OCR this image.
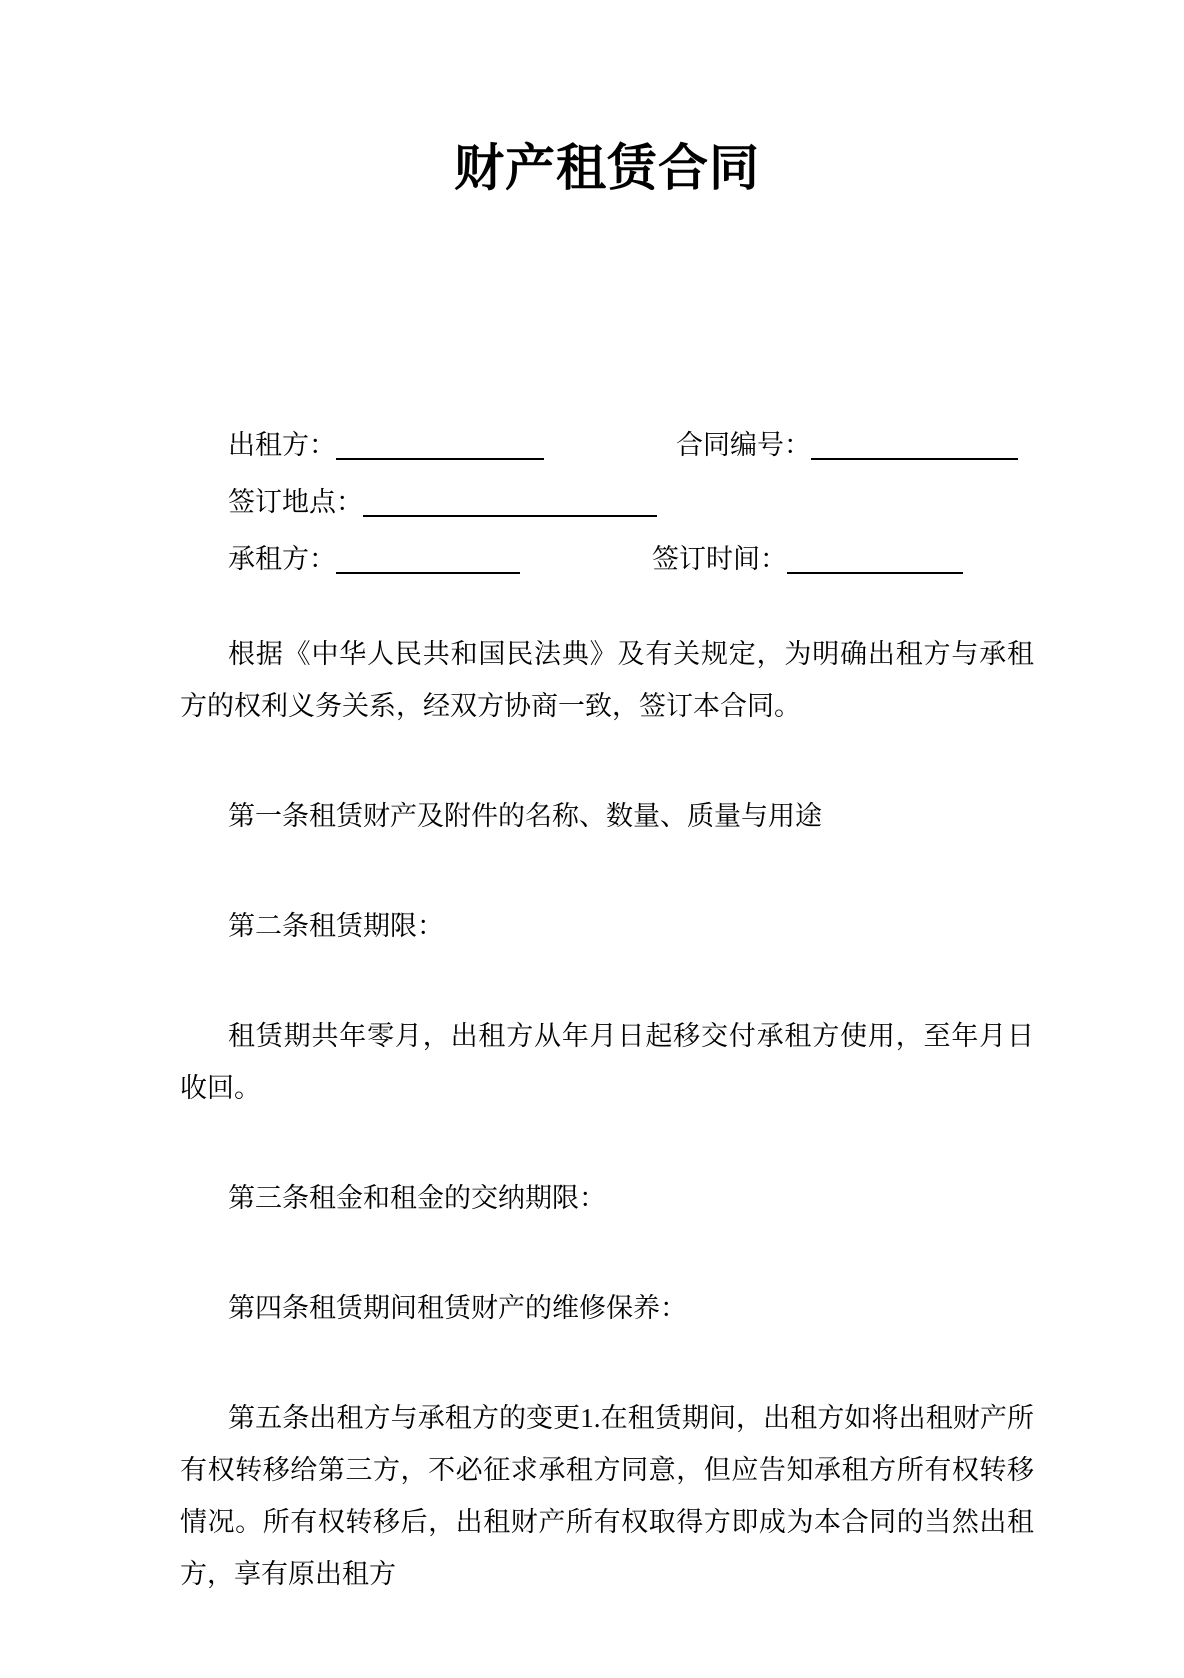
财产租赁合同
出租方：	合同编号：
签订地点：
承租方：	签订时间：

根据《中华人民共和国民法典》及有关规定，为明确出租方与承租方的权利义务关系，经双方协商一致，签订本合同。

第一条租赁财产及附件的名称、数量、质量与用途

第二条租赁期限：

租赁期共年零月，出租方从年月日起移交付承租方使用，至年月日收回。

第三条租金和租金的交纳期限：

第四条租赁期间租赁财产的维修保养：

第五条出租方与承租方的变更1.在租赁期间，出租方如将出租财产所有权转移给第三方，不必征求承租方同意，但应告知承租方所有权转移情况。所有权转移后，出租财产所有权取得方即成为本合同的当然出租方，享有原出租方
